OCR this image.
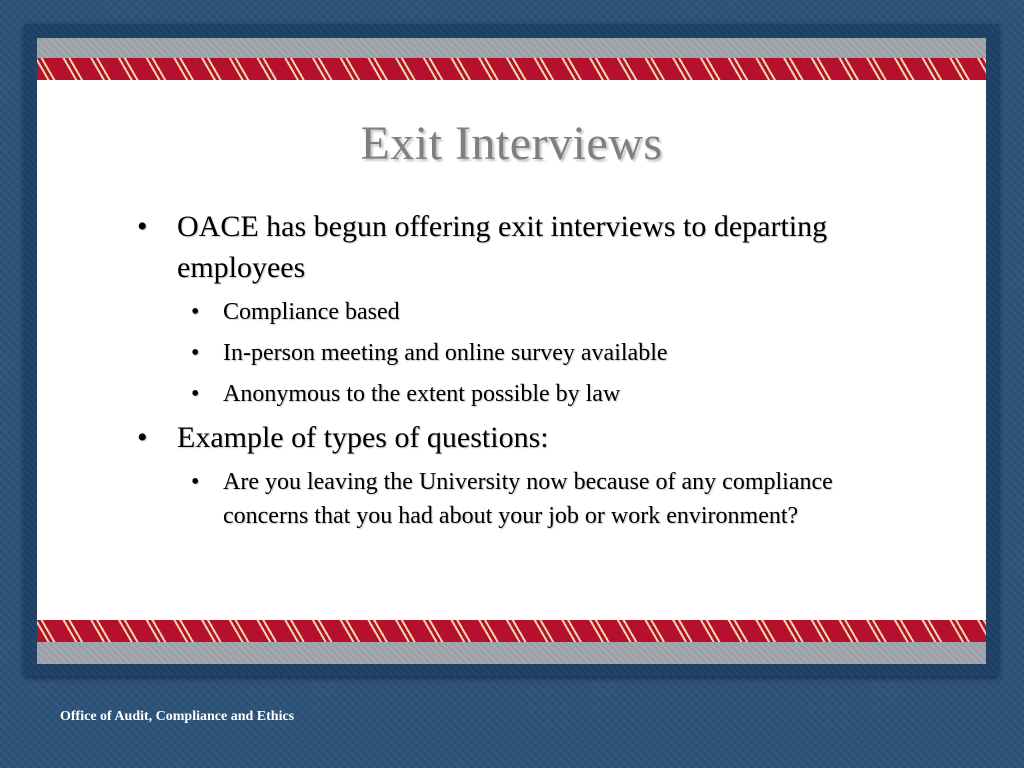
Exit Interviews
• OACE has begun offering exit interviews to departing employees
• Compliance based
• In-person meeting and online survey available
• Anonymous to the extent possible by law
• Example of types of questions:
• Are you leaving the University now because of any compliance concerns that you had about your job or work environment?
Office of Audit, Compliance and Ethics
